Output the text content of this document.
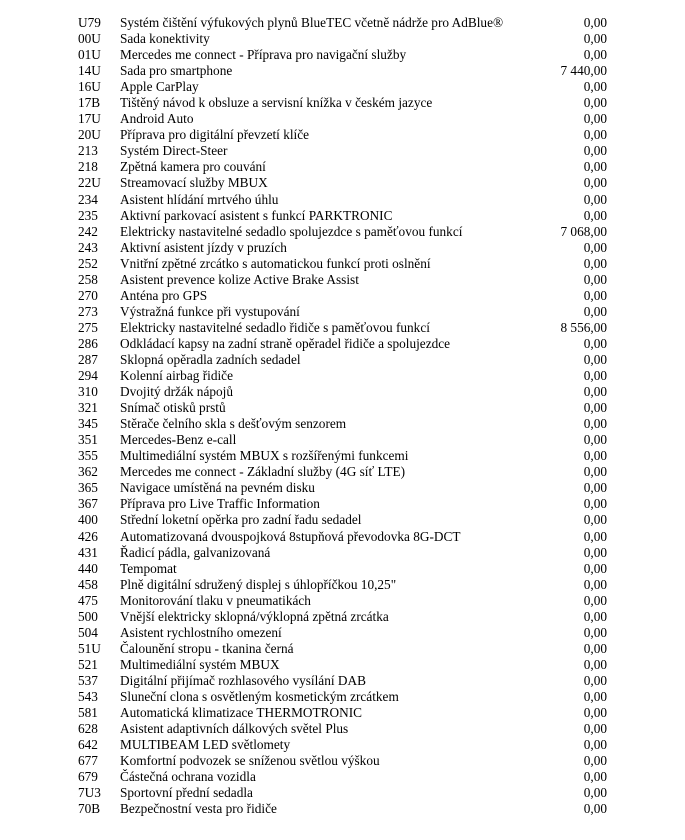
U79 Systém čištění výfukových plynů BlueTEC včetně nádrže pro AdBlue®	0,00
00U Sada konektivity	0,00
01U Mercedes me connect - Příprava pro navigační služby	0,00
14U Sada pro smartphone	7 440,00
16U Apple CarPlay	0,00
17B Tištěný návod k obsluze a servisní knížka v českém jazyce	0,00
17U Android Auto	0,00
20U Příprava pro digitální převzetí klíče	0,00
213 Systém Direct-Steer	0,00
218 Zpětná kamera pro couvání	0,00
22U Streamovací služby MBUX	0,00
234 Asistent hlídání mrtvého úhlu	0,00
235 Aktivní parkovací asistent s funkcí PARKTRONIC	0,00
242 Elektricky nastavitelné sedadlo spolujezdce s paměťovou funkcí	7 068,00
243 Aktivní asistent jízdy v pruzích	0,00
252 Vnitřní zpětné zrcátko s automatickou funkcí proti oslnění	0,00
258 Asistent prevence kolize Active Brake Assist	0,00
270 Anténa pro GPS	0,00
273 Výstražná funkce při vystupování	0,00
275 Elektricky nastavitelné sedadlo řidiče s paměťovou funkcí	8 556,00
286 Odkládací kapsy na zadní straně opěradel řidiče a spolujezdce	0,00
287 Sklopná opěradla zadních sedadel	0,00
294 Kolenní airbag řidiče	0,00
310 Dvojitý držák nápojů	0,00
321 Snímač otisků prstů	0,00
345 Stěrače čelního skla s dešťovým senzorem	0,00
351 Mercedes-Benz e-call	0,00
355 Multimediální systém MBUX s rozšířenými funkcemi	0,00
362 Mercedes me connect - Základní služby (4G síť LTE)	0,00
365 Navigace umístěná na pevném disku	0,00
367 Příprava pro Live Traffic Information	0,00
400 Střední loketní opěrka pro zadní řadu sedadel	0,00
426 Automatizovaná dvouspojková 8stupňová převodovka 8G-DCT	0,00
431 Řadicí pádla, galvanizovaná	0,00
440 Tempomat	0,00
458 Plně digitální sdružený displej s úhlopříčkou 10,25"	0,00
475 Monitorování tlaku v pneumatikách	0,00
500 Vnější elektricky sklopná/výklopná zpětná zrcátka	0,00
504 Asistent rychlostního omezení	0,00
51U Čalounění stropu - tkanina černá	0,00
521 Multimediální systém MBUX	0,00
537 Digitální přijímač rozhlasového vysílání DAB	0,00
543 Sluneční clona s osvětleným kosmetickým zrcátkem	0,00
581 Automatická klimatizace THERMOTRONIC	0,00
628 Asistent adaptivních dálkových světel Plus	0,00
642 MULTIBEAM LED světlomety	0,00
677 Komfortní podvozek se sníženou světlou výškou	0,00
679 Částečná ochrana vozidla	0,00
7U3 Sportovní přední sedadla	0,00
70B Bezpečnostní vesta pro řidiče	0,00
